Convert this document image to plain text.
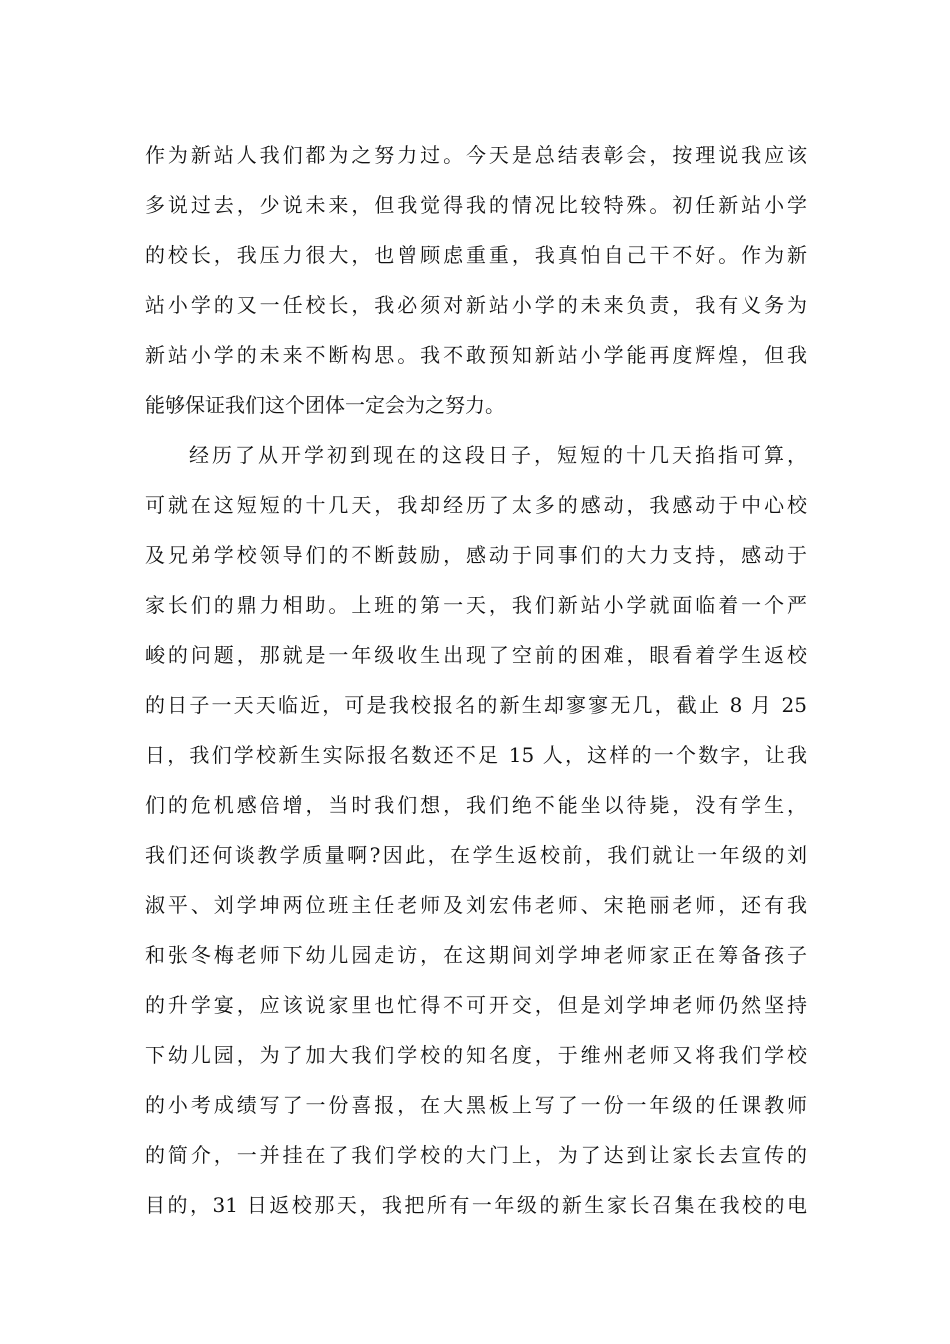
作为新站人我们都为之努力过。今天是总结表彰会，按理说我应该
多说过去，少说未来，但我觉得我的情况比较特殊。初任新站小学
的校长，我压力很大，也曾顾虑重重，我真怕自己干不好。作为新
站小学的又一任校长，我必须对新站小学的未来负责，我有义务为
新站小学的未来不断构思。我不敢预知新站小学能再度辉煌，但我
能够保证我们这个团体一定会为之努力。
经历了从开学初到现在的这段日子，短短的十几天掐指可算，
可就在这短短的十几天，我却经历了太多的感动，我感动于中心校
及兄弟学校领导们的不断鼓励，感动于同事们的大力支持，感动于
家长们的鼎力相助。上班的第一天，我们新站小学就面临着一个严
峻的问题，那就是一年级收生出现了空前的困难，眼看着学生返校
的日子一天天临近，可是我校报名的新生却寥寥无几，截止 8 月 25
日，我们学校新生实际报名数还不足 15 人，这样的一个数字，让我
们的危机感倍增，当时我们想，我们绝不能坐以待毙，没有学生，
我们还何谈教学质量啊?因此，在学生返校前，我们就让一年级的刘
淑平、刘学坤两位班主任老师及刘宏伟老师、宋艳丽老师，还有我
和张冬梅老师下幼儿园走访，在这期间刘学坤老师家正在筹备孩子
的升学宴，应该说家里也忙得不可开交，但是刘学坤老师仍然坚持
下幼儿园，为了加大我们学校的知名度，于维州老师又将我们学校
的小考成绩写了一份喜报，在大黑板上写了一份一年级的任课教师
的简介，一并挂在了我们学校的大门上，为了达到让家长去宣传的
目的，31 日返校那天，我把所有一年级的新生家长召集在我校的电
